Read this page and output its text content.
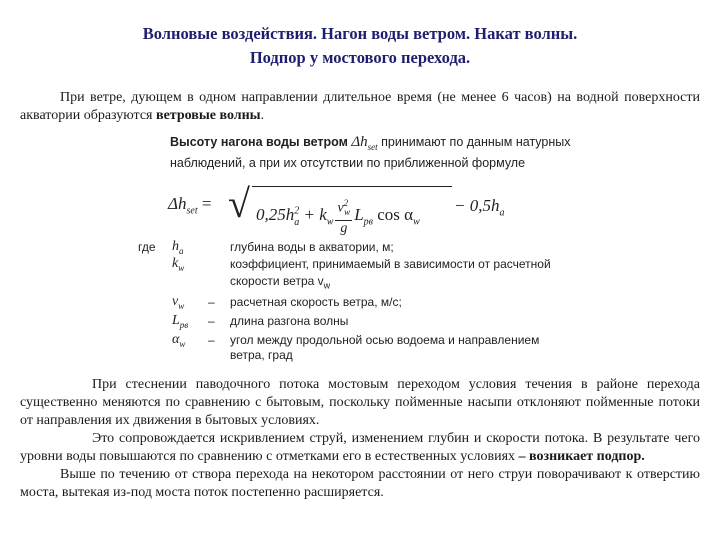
Волновые воздействия. Нагон воды ветром. Накат волны.
Подпор у мостового перехода.
При ветре, дующем в одном направлении длительное время (не менее 6 часов) на водной поверхности акватории образуются ветровые волны.
Высоту нагона воды ветром $\Delta h_{set}$ принимают по данным натурных наблюдений, а при их отсутствии по приближенной формуле
$\Delta h_{set}$ = √ $0,25h^2_a + k_w \frac{v^2_w}{g} L_{рв}$ $\cos \alpha_w$
− $0,5h_a$
где	$h_a$	глубина воды в акватории, м;
$k_w$	коэффициент, принимаемый в зависимости от расчетной
скорости ветра $v_w$
$v_w$ – расчетная скорость ветра, м/с;
$L_{рв}$ – длина разгона волны
$\alpha_w$ – угол между продольной осью водоема и направлением
ветра, град

При стеснении паводочного потока мостовым переходом условия течения в районе перехода существенно меняются по сравнению с бытовым, поскольку пойменные насыпи отклоняют пойменные потоки от направления их движения в бытовых условиях.

Это сопровождается искривлением струй, изменением глубин и скорости потока. В результате чего уровни воды повышаются по сравнению с отметками его в естественных условиях – возникает подпор.

Выше по течению от створа перехода на некотором расстоянии от него струи поворачивают к отверстию моста, вытекая из-под моста поток постепенно расширяется.
